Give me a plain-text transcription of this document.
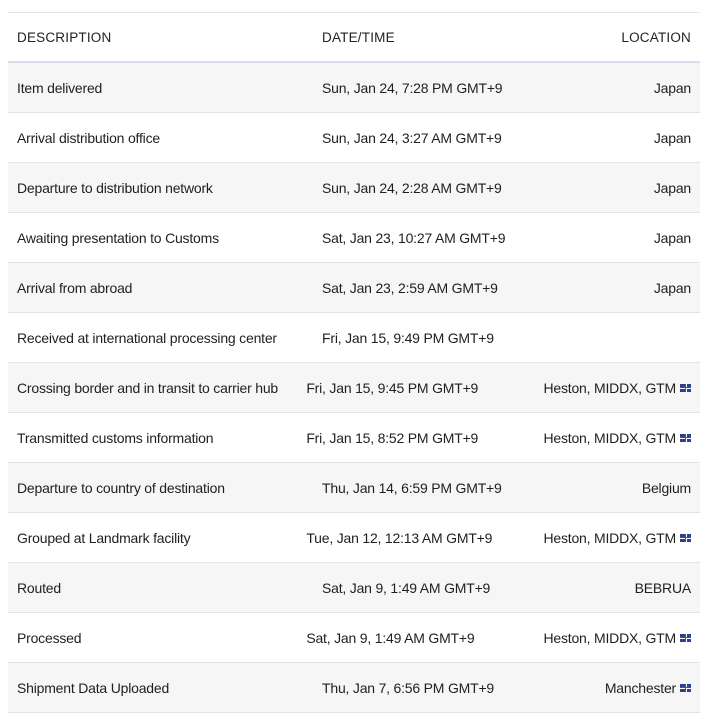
DESCRIPTION	DATE/TIME	LOCATION
Item delivered	Sun, Jan 24, 7:28 PM GMT+9	Japan
Arrival distribution office	Sun, Jan 24, 3:27 AM GMT+9	Japan
Departure to distribution network	Sun, Jan 24, 2:28 AM GMT+9	Japan
Awaiting presentation to Customs	Sat, Jan 23, 10:27 AM GMT+9	Japan
Arrival from abroad	Sat, Jan 23, 2:59 AM GMT+9	Japan
Received at international processing center	Fri, Jan 15, 9:49 PM GMT+9
Crossing border and in transit to carrier hub	Fri, Jan 15, 9:45 PM GMT+9	Heston, MIDDX, GTM
Transmitted customs information	Fri, Jan 15, 8:52 PM GMT+9	Heston, MIDDX, GTM
Departure to country of destination	Thu, Jan 14, 6:59 PM GMT+9	Belgium
Grouped at Landmark facility	Tue, Jan 12, 12:13 AM GMT+9	Heston, MIDDX, GTM
Routed	Sat, Jan 9, 1:49 AM GMT+9	BEBRUA
Processed	Sat, Jan 9, 1:49 AM GMT+9	Heston, MIDDX, GTM
Shipment Data Uploaded	Thu, Jan 7, 6:56 PM GMT+9	Manchester
